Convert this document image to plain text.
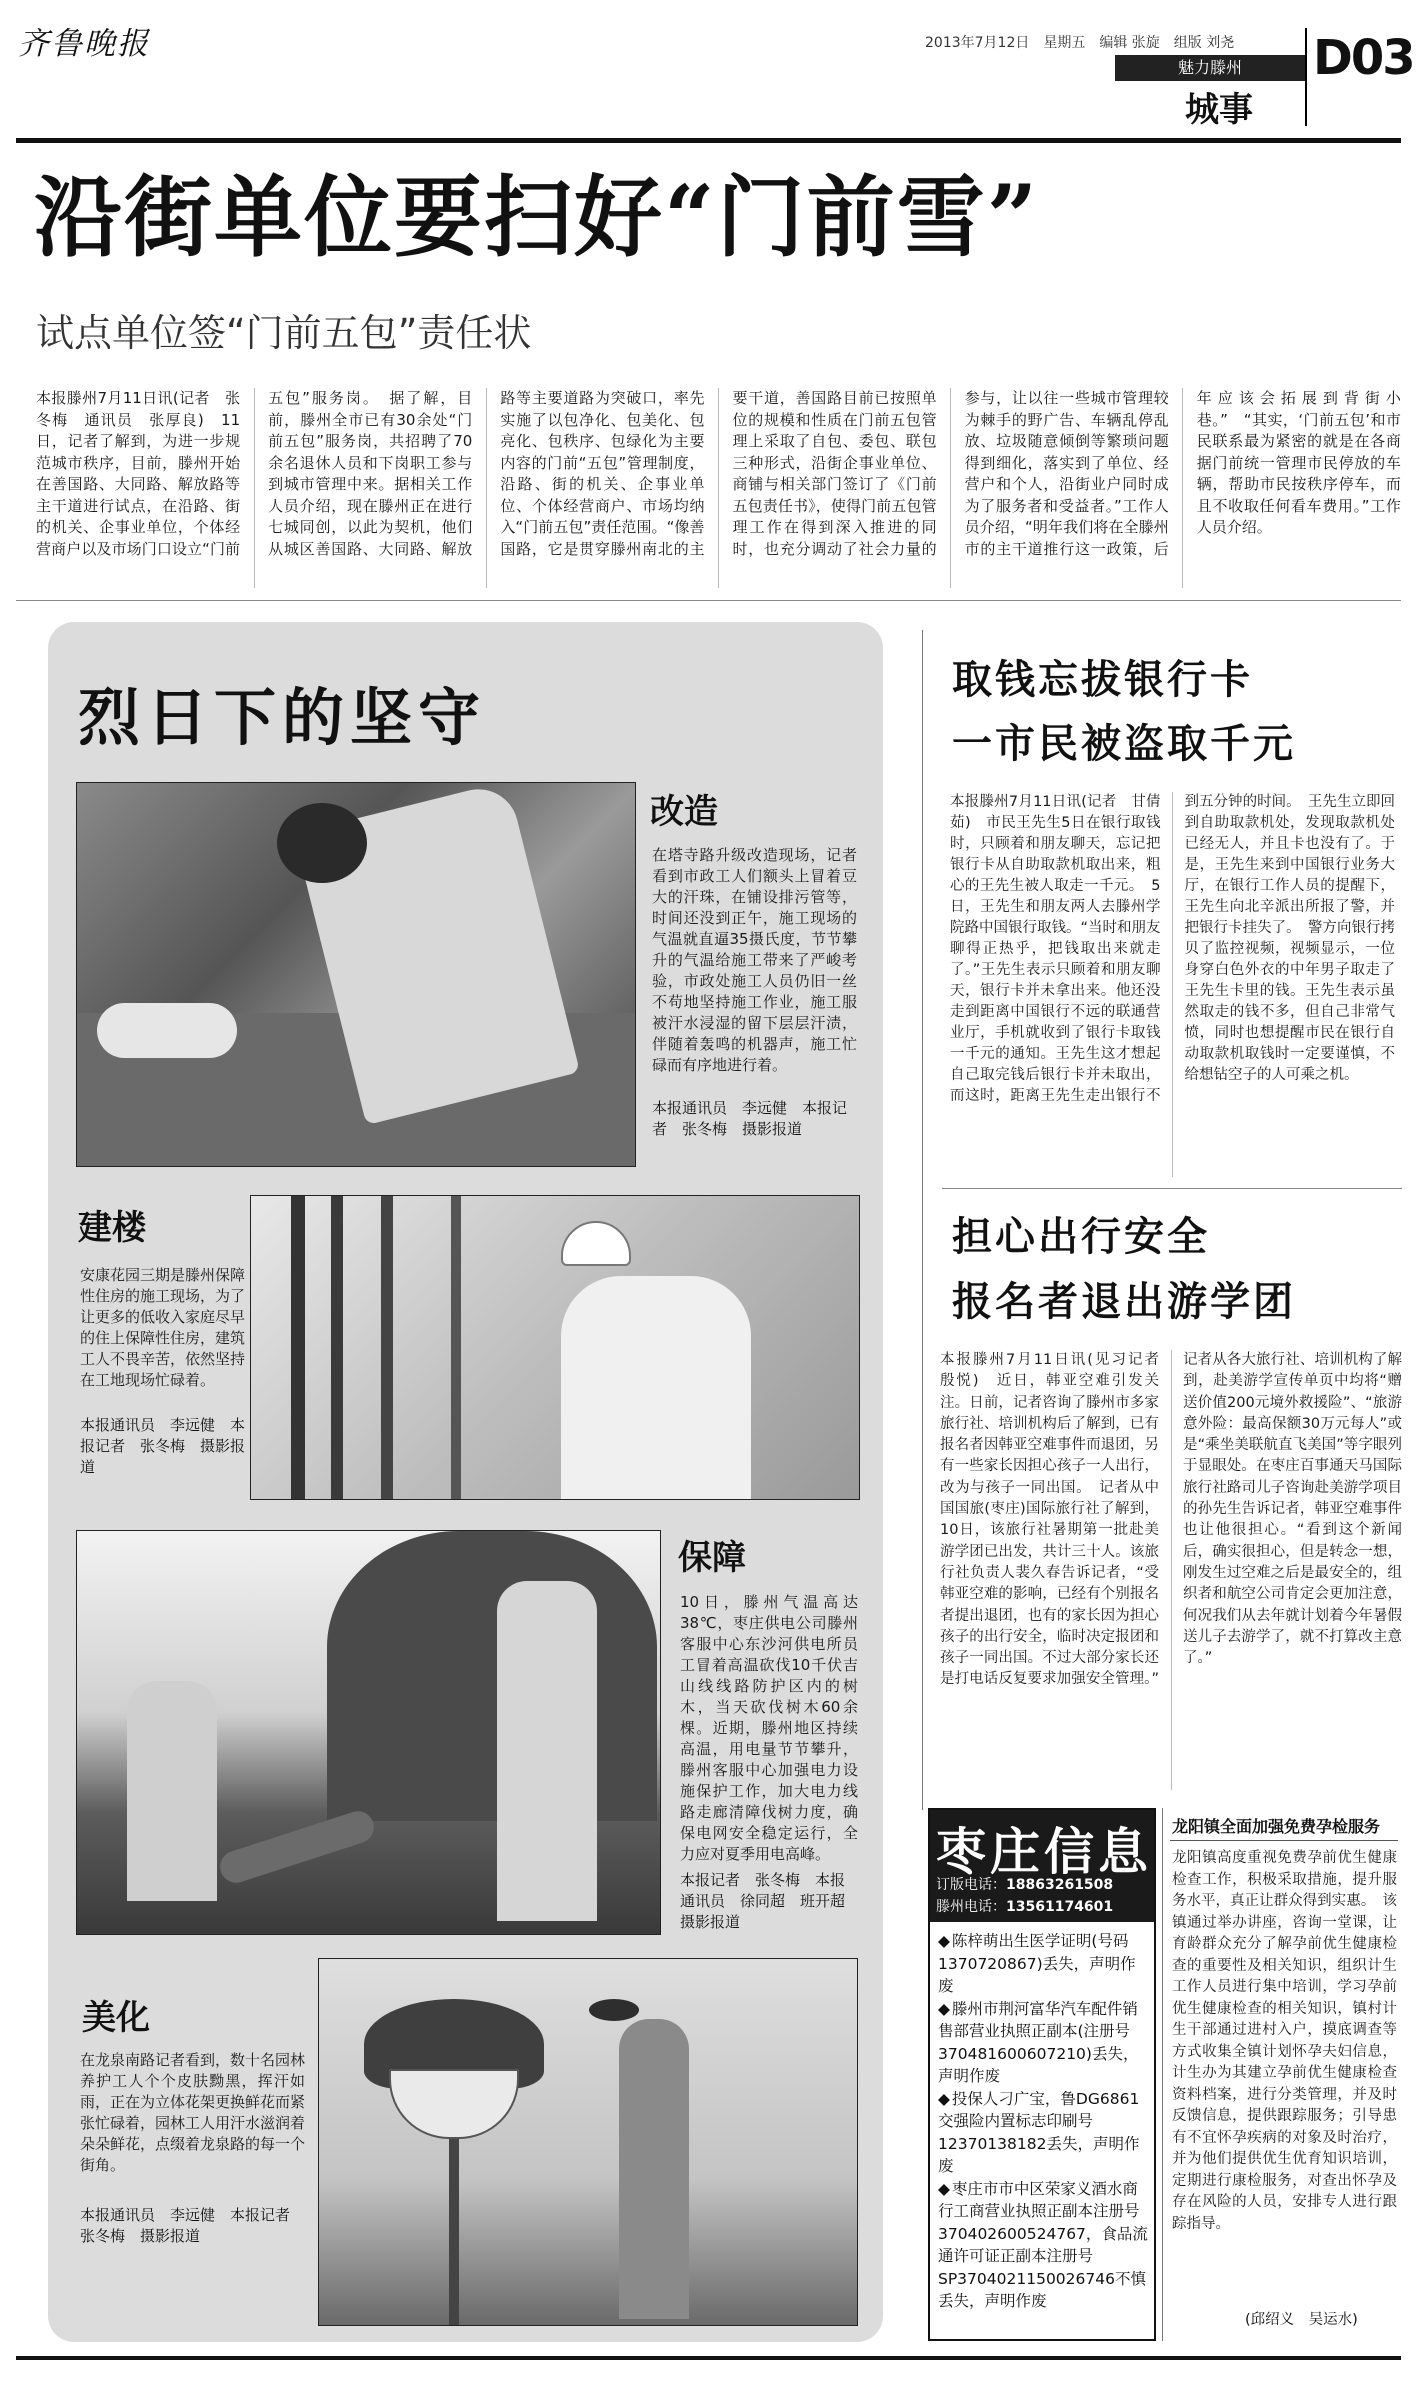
齐鲁晚报	2013年7月12日　星期五　编辑 张旋　组版 刘尧
魅力滕州
城事
D03
沿街单位要扫好“门前雪”
试点单位签“门前五包”责任状
本报滕州7月11日讯(记者　张冬梅　通讯员　张厚良)　11日，记者了解到，为进一步规范城市秩序，目前，滕州开始在善国路、大同路、解放路等主干道进行试点，在沿路、街的机关、企事业单位，个体经营商户以及市场门口设立“门前五包”服务岗。　据了解，目前，滕州全市已有30余处“门前五包”服务岗，共招聘了70余名退休人员和下岗职工参与到城市管理中来。据相关工作人员介绍，现在滕州正在进行七城同创，以此为契机，他们从城区善国路、大同路、解放路等主要道路为突破口，率先实施了以包净化、包美化、包亮化、包秩序、包绿化为主要内容的门前“五包”管理制度，沿路、街的机关、企事业单位、个体经营商户、市场均纳入“门前五包”责任范围。“像善国路，它是贯穿滕州南北的主要干道，善国路目前已按照单位的规模和性质在门前五包管理上采取了自包、委包、联包三种形式，沿街企事业单位、商铺与相关部门签订了《门前五包责任书》，使得门前五包管理工作在得到深入推进的同时，也充分调动了社会力量的参与，让以往一些城市管理较为棘手的野广告、车辆乱停乱放、垃圾随意倾倒等繁琐问题得到细化，落实到了单位、经营户和个人，沿街业户同时成为了服务者和受益者。”工作人员介绍，“明年我们将在全滕州市的主干道推行这一政策，后年应该会拓展到背街小巷。”　“其实，‘门前五包’和市民联系最为紧密的就是在各商据门前统一管理市民停放的车辆，帮助市民按秩序停车，而且不收取任何看车费用。”工作人员介绍。
烈日下的坚守
改造
在塔寺路升级改造现场，记者看到市政工人们额头上冒着豆大的汗珠，在铺设排污管等，时间还没到正午，施工现场的气温就直逼35摄氏度，节节攀升的气温给施工带来了严峻考验，市政处施工人员仍旧一丝不苟地坚持施工作业，施工服被汗水浸湿的留下层层汗渍，伴随着轰鸣的机器声，施工忙碌而有序地进行着。
本报通讯员　李远健　本报记者　张冬梅　摄影报道
建楼
安康花园三期是滕州保障性住房的施工现场，为了让更多的低收入家庭尽早的住上保障性住房，建筑工人不畏辛苦，依然坚持在工地现场忙碌着。
本报通讯员　李远健　本报记者　张冬梅　摄影报道
保障
10日，滕州气温高达38℃，枣庄供电公司滕州客服中心东沙河供电所员工冒着高温砍伐10千伏吉山线线路防护区内的树木，当天砍伐树木60余棵。近期，滕州地区持续高温，用电量节节攀升，滕州客服中心加强电力设施保护工作，加大电力线路走廊清障伐树力度，确保电网安全稳定运行，全力应对夏季用电高峰。
本报记者　张冬梅　本报通讯员　徐同超　班开超　摄影报道
美化
在龙泉南路记者看到，数十名园林养护工人个个皮肤黝黑，挥汗如雨，正在为立体花架更换鲜花而紧张忙碌着，园林工人用汗水滋润着朵朵鲜花，点缀着龙泉路的每一个街角。
本报通讯员　李远健　本报记者　张冬梅　摄影报道
取钱忘拔银行卡
一市民被盗取千元
本报滕州7月11日讯(记者　甘倩茹)　市民王先生5日在银行取钱时，只顾着和朋友聊天，忘记把银行卡从自助取款机取出来，粗心的王先生被人取走一千元。　5日，王先生和朋友两人去滕州学院路中国银行取钱。“当时和朋友聊得正热乎，把钱取出来就走了。”王先生表示只顾着和朋友聊天，银行卡并未拿出来。他还没走到距离中国银行不远的联通营业厅，手机就收到了银行卡取钱一千元的通知。王先生这才想起自己取完钱后银行卡并未取出，而这时，距离王先生走出银行不到五分钟的时间。　王先生立即回到自助取款机处，发现取款机处已经无人，并且卡也没有了。于是，王先生来到中国银行业务大厅，在银行工作人员的提醒下，王先生向北辛派出所报了警，并把银行卡挂失了。　警方向银行拷贝了监控视频，视频显示，一位身穿白色外衣的中年男子取走了王先生卡里的钱。王先生表示虽然取走的钱不多，但自己非常气愤，同时也想提醒市民在银行自动取款机取钱时一定要谨慎，不给想钻空子的人可乘之机。
担心出行安全
报名者退出游学团
本报滕州7月11日讯(见习记者　殷悦)　近日，韩亚空难引发关注。日前，记者咨询了滕州市多家旅行社、培训机构后了解到，已有报名者因韩亚空难事件而退团，另有一些家长因担心孩子一人出行，改为与孩子一同出国。　记者从中国国旅(枣庄)国际旅行社了解到，10日，该旅行社暑期第一批赴美游学团已出发，共计三十人。该旅行社负责人裴久春告诉记者，“受韩亚空难的影响，已经有个别报名者提出退团，也有的家长因为担心孩子的出行安全，临时决定报团和孩子一同出国。不过大部分家长还是打电话反复要求加强安全管理。”　记者从各大旅行社、培训机构了解到，赴美游学宣传单页中均将“赠送价值200元境外救援险”、“旅游意外险：最高保额30万元每人”或是“乘坐美联航直飞美国”等字眼列于显眼处。在枣庄百事通天马国际旅行社路司儿子咨询赴美游学项目的孙先生告诉记者，韩亚空难事件也让他很担心。“看到这个新闻后，确实很担心，但是转念一想，刚发生过空难之后是最安全的，组织者和航空公司肯定会更加注意，何况我们从去年就计划着今年暑假送儿子去游学了，就不打算改主意了。”
枣庄信息
订版电话：18863261508
滕州电话：13561174601
◆ 陈梓萌出生医学证明(号码1370720867)丢失，声明作废
◆ 滕州市荆河富华汽车配件销售部营业执照正副本(注册号370481600607210)丢失，声明作废
◆ 投保人刁广宝，鲁DG6861交强险内置标志印刷号12370138182丢失，声明作废
◆ 枣庄市市中区荣家义酒水商行工商营业执照正副本注册号370402600524767，食品流通许可证正副本注册号SP3704021150026746不慎丢失，声明作废
龙阳镇全面加强免费孕检服务
龙阳镇高度重视免费孕前优生健康检查工作，积极采取措施，提升服务水平，真正让群众得到实惠。　该镇通过举办讲座，咨询一堂课，让育龄群众充分了解孕前优生健康检查的重要性及相关知识，组织计生工作人员进行集中培训，学习孕前优生健康检查的相关知识，镇村计生干部通过进村入户，摸底调查等方式收集全镇计划怀孕夫妇信息，计生办为其建立孕前优生健康检查资料档案，进行分类管理，并及时反馈信息，提供跟踪服务；引导患有不宜怀孕疾病的对象及时治疗，并为他们提供优生优育知识培训，定期进行康检服务，对查出怀孕及存在风险的人员，安排专人进行跟踪指导。
(邱绍义　吴运水)
